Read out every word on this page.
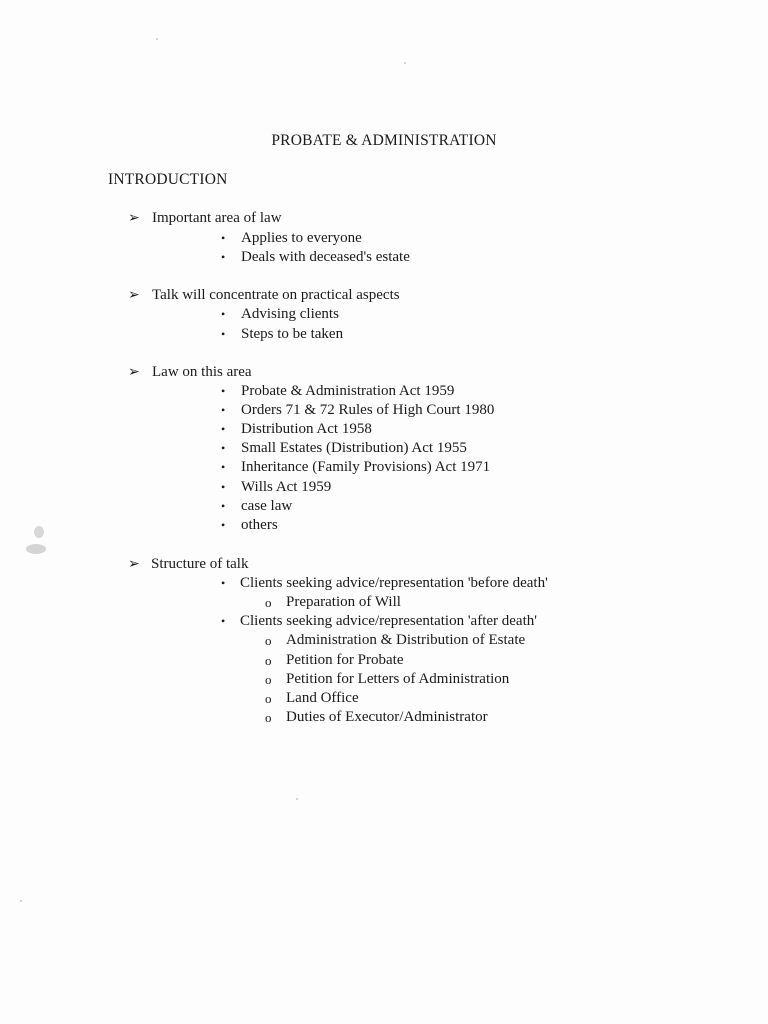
PROBATE & ADMINISTRATION
INTRODUCTION
➢ Important area of law
• Applies to everyone
• Deals with deceased's estate
➢ Talk will concentrate on practical aspects
• Advising clients
• Steps to be taken
➢ Law on this area
• Probate & Administration Act 1959
• Orders 71 & 72 Rules of High Court 1980
• Distribution Act 1958
• Small Estates (Distribution) Act 1955
• Inheritance (Family Provisions) Act 1971
• Wills Act 1959
• case law
• others
➢ Structure of talk
• Clients seeking advice/representation 'before death'
o Preparation of Will
• Clients seeking advice/representation 'after death'
o Administration & Distribution of Estate
o Petition for Probate
o Petition for Letters of Administration
o Land Office
o Duties of Executor/Administrator
